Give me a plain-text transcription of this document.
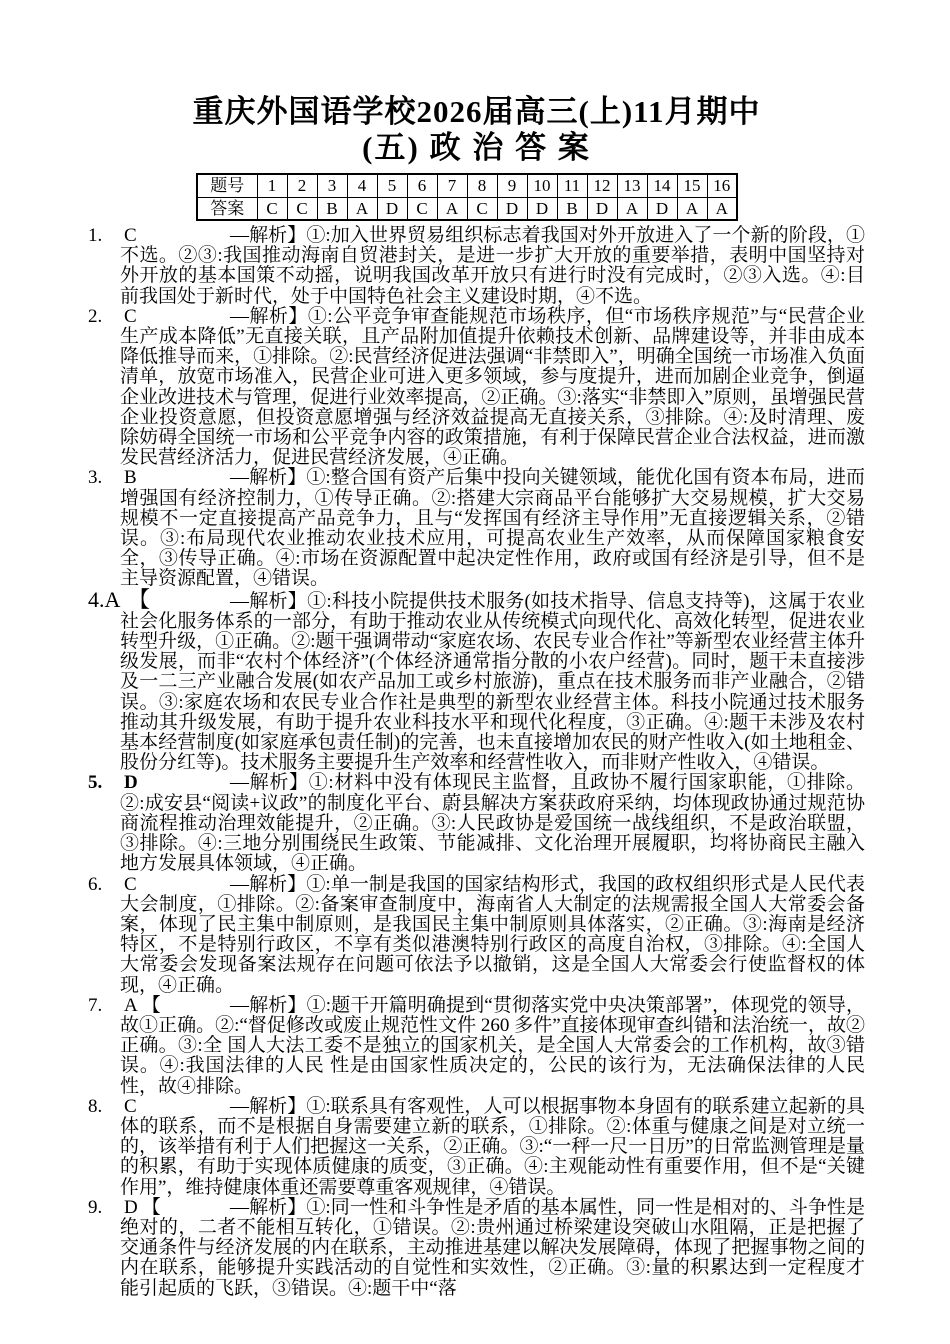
重庆外国语学校2026届高三(上)11月期中
(五) 政 治 答 案
题号	1	2	3	4	5	6	7	8	9	10	11	12	13	14	15	16
答案	C	C	B	A	D	C	A	C	D	D	B	D	A	D	A	A
1. C	—解析】①:加入世界贸易组织标志着我国对外开放进入了一个新的阶段，①不选。②③:我国推动海南自贸港封关，是进一步扩大开放的重要举措，表明中国坚持对外开放的基本国策不动摇，说明我国改革开放只有进行时没有完成时，②③入选。④:目前我国处于新时代，处于中国特色社会主义建设时期，④不选。
2. C	—解析】①:公平竞争审查能规范市场秩序，但“市场秩序规范”与“民营企业生产成本降低”无直接关联，且产品附加值提升依赖技术创新、品牌建设等，并非由成本降低推导而来，①排除。②:民营经济促进法强调“非禁即入”，明确全国统一市场准入负面清单，放宽市场准入，民营企业可进入更多领域，参与度提升，进而加剧企业竞争，倒逼企业改进技术与管理，促进行业效率提高，②正确。③:落实“非禁即入”原则，虽增强民营企业投资意愿，但投资意愿增强与经济效益提高无直接关系，③排除。④:及时清理、废除妨碍全国统一市场和公平竞争内容的政策措施，有利于保障民营企业合法权益，进而激发民营经济活力，促进民营经济发展，④正确。
3. B	—解析】①:整合国有资产后集中投向关键领域，能优化国有资本布局，进而增强国有经济控制力，①传导正确。②:搭建大宗商品平台能够扩大交易规模，扩大交易规模不一定直接提高产品竞争力，且与“发挥国有经济主导作用”无直接逻辑关系，②错误。③:布局现代农业推动农业技术应用，可提高农业生产效率，从而保障国家粮食安全，③传导正确。④:市场在资源配置中起决定性作用，政府或国有经济是引导，但不是主导资源配置，④错误。
4.A 【	—解析】①:科技小院提供技术服务(如技术指导、信息支持等)，这属于农业社会化服务体系的一部分，有助于推动农业从传统模式向现代化、高效化转型，促进农业转型升级，①正确。②:题干强调带动“家庭农场、农民专业合作社”等新型农业经营主体升级发展，而非“农村个体经济”(个体经济通常指分散的小农户经营)。同时，题干未直接涉及一二三产业融合发展(如农产品加工或乡村旅游)，重点在技术服务而非产业融合，②错误。③:家庭农场和农民专业合作社是典型的新型农业经营主体。科技小院通过技术服务推动其升级发展，有助于提升农业科技水平和现代化程度，③正确。④:题干未涉及农村基本经营制度(如家庭承包责任制)的完善，也未直接增加农民的财产性收入(如土地租金、股份分红等)。技术服务主要提升生产效率和经营性收入，而非财产性收入，④错误。
5. D	—解析】①:材料中没有体现民主监督，且政协不履行国家职能，①排除。②:成安县“阅读+议政”的制度化平台、蔚县解决方案获政府采纳，均体现政协通过规范协商流程推动治理效能提升，②正确。③:人民政协是爱国统一战线组织，不是政治联盟，③排除。④:三地分别围绕民生政策、节能减排、文化治理开展履职，均将协商民主融入地方发展具体领域，④正确。
6. C	—解析】①:单一制是我国的国家结构形式，我国的政权组织形式是人民代表大会制度，①排除。②:备案审查制度中，海南省人大制定的法规需报全国人大常委会备案，体现了民主集中制原则，是我国民主集中制原则具体落实，②正确。③:海南是经济特区，不是特别行政区，不享有类似港澳特别行政区的高度自治权，③排除。④:全国人大常委会发现备案法规存在问题可依法予以撤销，这是全国人大常委会行使监督权的体现，④正确。
7. A 【	—解析】①:题干开篇明确提到“贯彻落实党中央决策部署”，体现党的领导，故①正确。②:“督促修改或废止规范性文件 260 多件”直接体现审查纠错和法治统一，故②正确。③:全 国人大法工委不是独立的国家机关，是全国人大常委会的工作机构，故③错误。④:我国法律的人民 性是由国家性质决定的，公民的该行为，无法确保法律的人民性，故④排除。
8. C	—解析】①:联系具有客观性，人可以根据事物本身固有的联系建立起新的具体的联系，而不是根据自身需要建立新的联系，①排除。②:体重与健康之间是对立统一的，该举措有利于人们把握这一关系，②正确。③:“一秤一尺一日历”的日常监测管理是量的积累，有助于实现体质健康的质变，③正确。④:主观能动性有重要作用，但不是“关键作用”，维持健康体重还需要尊重客观规律，④错误。
9. D 【	—解析】①:同一性和斗争性是矛盾的基本属性，同一性是相对的、斗争性是绝对的，二者不能相互转化，①错误。②:贵州通过桥梁建设突破山水阻隔，正是把握了交通条件与经济发展的内在联系，主动推进基建以解决发展障碍，体现了把握事物之间的内在联系，能够提升实践活动的自觉性和实效性，②正确。③:量的积累达到一定程度才能引起质的飞跃，③错误。④:题干中“落
